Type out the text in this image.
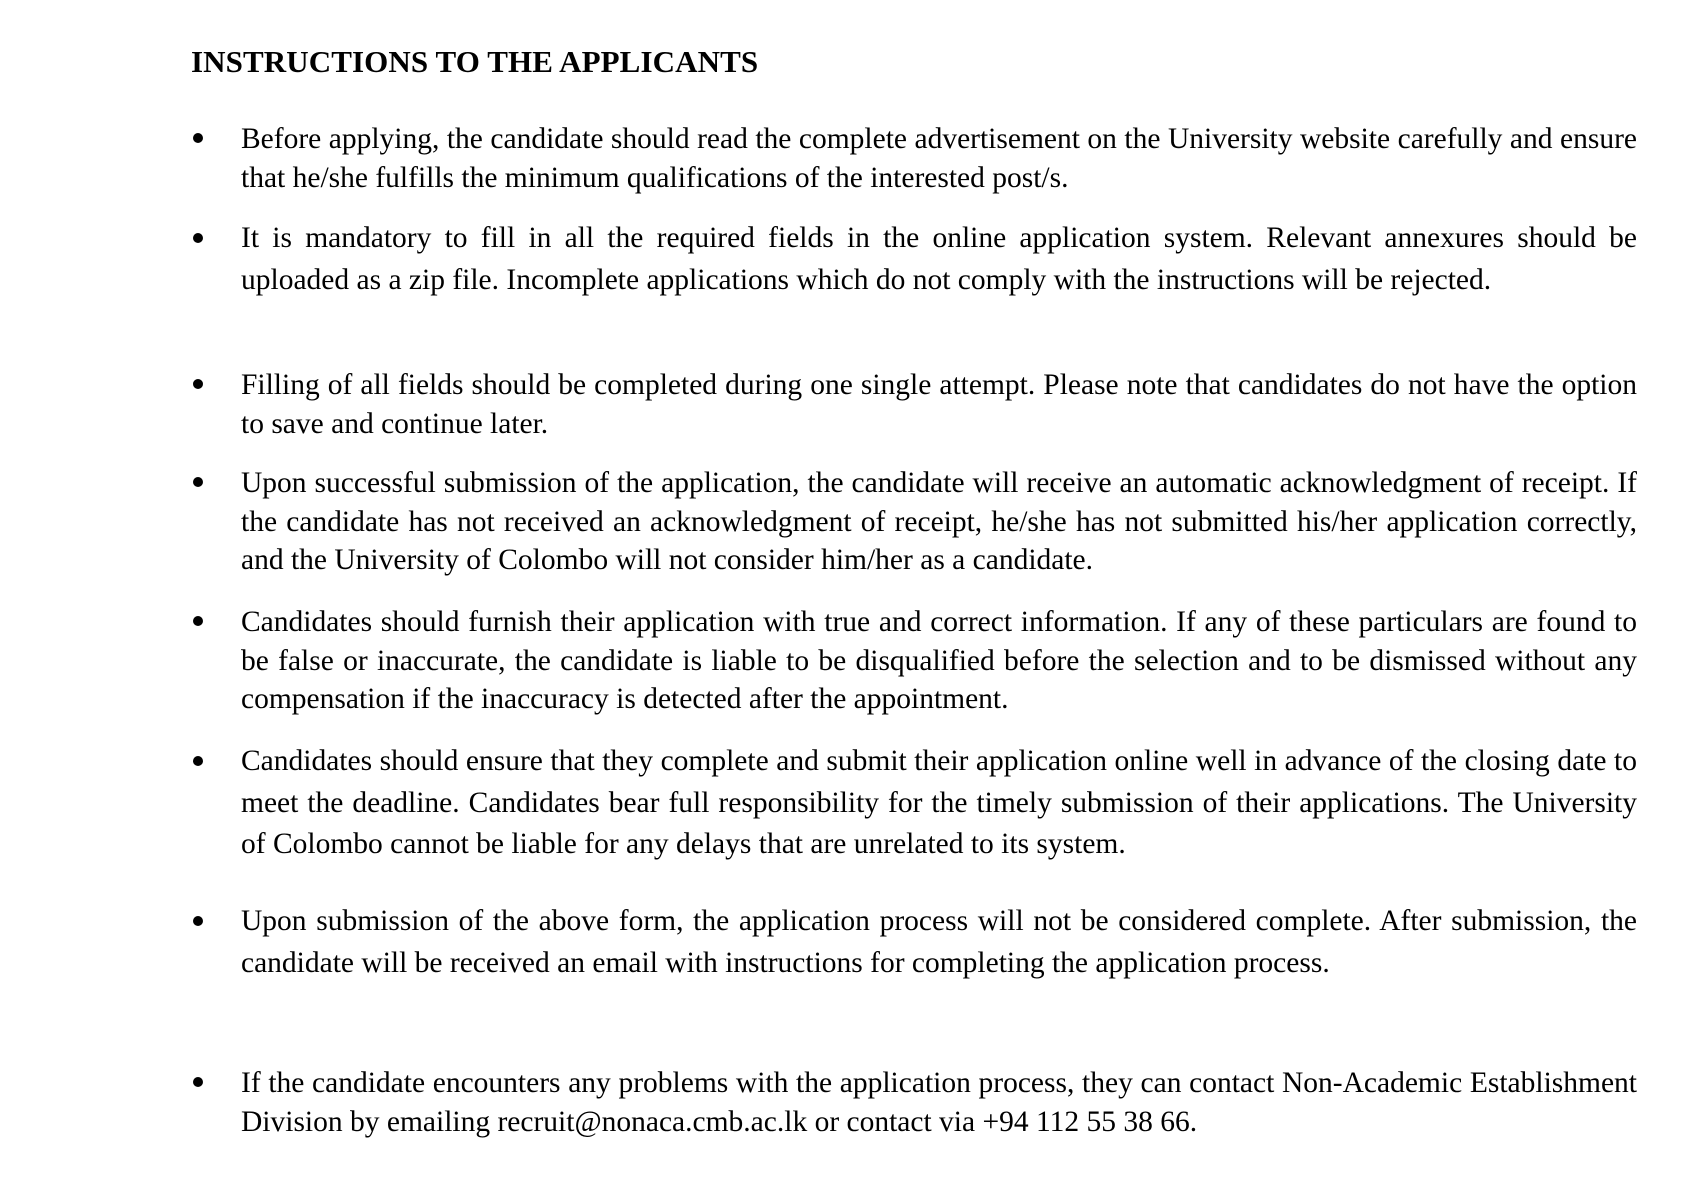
INSTRUCTIONS TO THE APPLICANTS

Before applying, the candidate should read the complete advertisement on the University website carefully and ensure that he/she fulfills the minimum qualifications of the interested post/s.

It is mandatory to fill in all the required fields in the online application system. Relevant annexures should be uploaded as a zip file. Incomplete applications which do not comply with the instructions will be rejected.

Filling of all fields should be completed during one single attempt. Please note that candidates do not have the option to save and continue later.

Upon successful submission of the application, the candidate will receive an automatic acknowledgment of receipt. If the candidate has not received an acknowledgment of receipt, he/she has not submitted his/her application correctly, and the University of Colombo will not consider him/her as a candidate.

Candidates should furnish their application with true and correct information. If any of these particulars are found to be false or inaccurate, the candidate is liable to be disqualified before the selection and to be dismissed without any compensation if the inaccuracy is detected after the appointment.

Candidates should ensure that they complete and submit their application online well in advance of the closing date to meet the deadline. Candidates bear full responsibility for the timely submission of their applications. The University of Colombo cannot be liable for any delays that are unrelated to its system.

Upon submission of the above form, the application process will not be considered complete. After submission, the candidate will be received an email with instructions for completing the application process.

If the candidate encounters any problems with the application process, they can contact Non-Academic Establishment Division by emailing recruit@nonaca.cmb.ac.lk or contact via +94 112 55 38 66.
